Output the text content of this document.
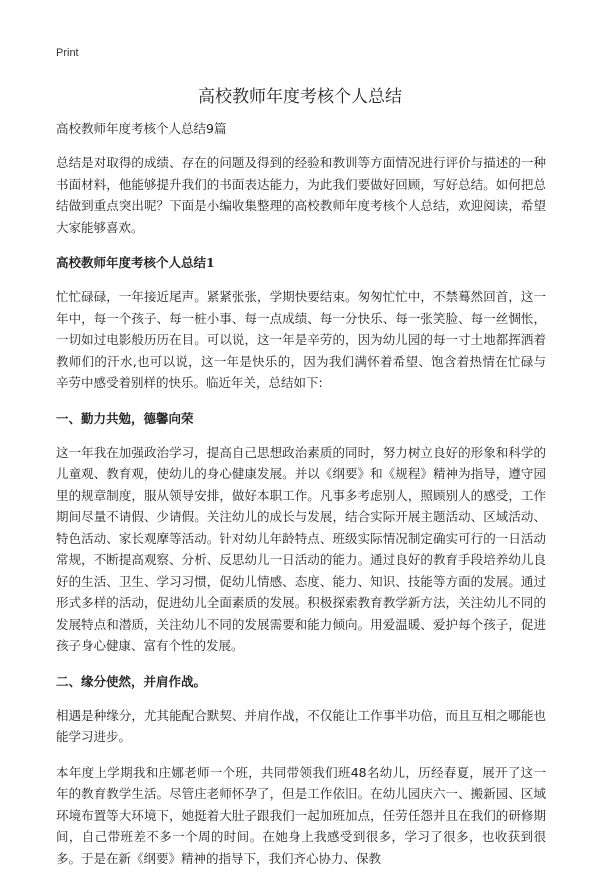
Print
高校教师年度考核个人总结

高校教师年度考核个人总结9篇

总结是对取得的成绩、存在的问题及得到的经验和教训等方面情况进行评价与描述的一种书面材料，他能够提升我们的书面表达能力，为此我们要做好回顾，写好总结。如何把总结做到重点突出呢？下面是小编收集整理的高校教师年度考核个人总结，欢迎阅读，希望大家能够喜欢。

高校教师年度考核个人总结1

忙忙碌碌，一年接近尾声。紧紧张张，学期快要结束。匆匆忙忙中，不禁蓦然回首，这一年中，每一个孩子、每一桩小事、每一点成绩、每一分快乐、每一张笑脸、每一丝惆怅，一切如过电影般历历在目。可以说，这一年是辛劳的，因为幼儿园的每一寸土地都挥洒着教师们的汗水,也可以说，这一年是快乐的，因为我们满怀着希望、饱含着热情在忙碌与辛劳中感受着别样的快乐。临近年关，总结如下:

一、勤力共勉，德馨向荣

这一年我在加强政治学习，提高自己思想政治素质的同时，努力树立良好的形象和科学的儿童观、教育观，使幼儿的身心健康发展。并以《纲要》和《规程》精神为指导，遵守园里的规章制度，服从领导安排，做好本职工作。凡事多考虑别人，照顾别人的感受，工作期间尽量不请假、少请假。关注幼儿的成长与发展，结合实际开展主题活动、区域活动、特色活动、家长观摩等活动。针对幼儿年龄特点、班级实际情况制定确实可行的一日活动常规，不断提高观察、分析、反思幼儿一日活动的能力。通过良好的教育手段培养幼儿良好的生活、卫生、学习习惯，促幼儿情感、态度、能力、知识、技能等方面的发展。通过形式多样的活动，促进幼儿全面素质的发展。积极探索教育教学新方法，关注幼儿不同的发展特点和潜质，关注幼儿不同的发展需要和能力倾向。用爱温暖、爱护每个孩子，促进孩子身心健康、富有个性的发展。

二、缘分使然，并肩作战。

相遇是种缘分，尤其能配合默契、并肩作战，不仅能让工作事半功倍，而且互相之哪能也能学习进步。

本年度上学期我和庄娜老师一个班，共同带领我们班48名幼儿，历经春夏，展开了这一年的教育教学生活。尽管庄老师怀孕了，但是工作依旧。在幼儿园庆六一、搬新园、区域环境布置等大环境下，她挺着大肚子跟我们一起加班加点，任劳任怨并且在我们的研修期间，自己带班差不多一个周的时间。在她身上我感受到很多，学习了很多，也收获到很多。于是在新《纲要》精神的指导下，我们齐心协力、保教
